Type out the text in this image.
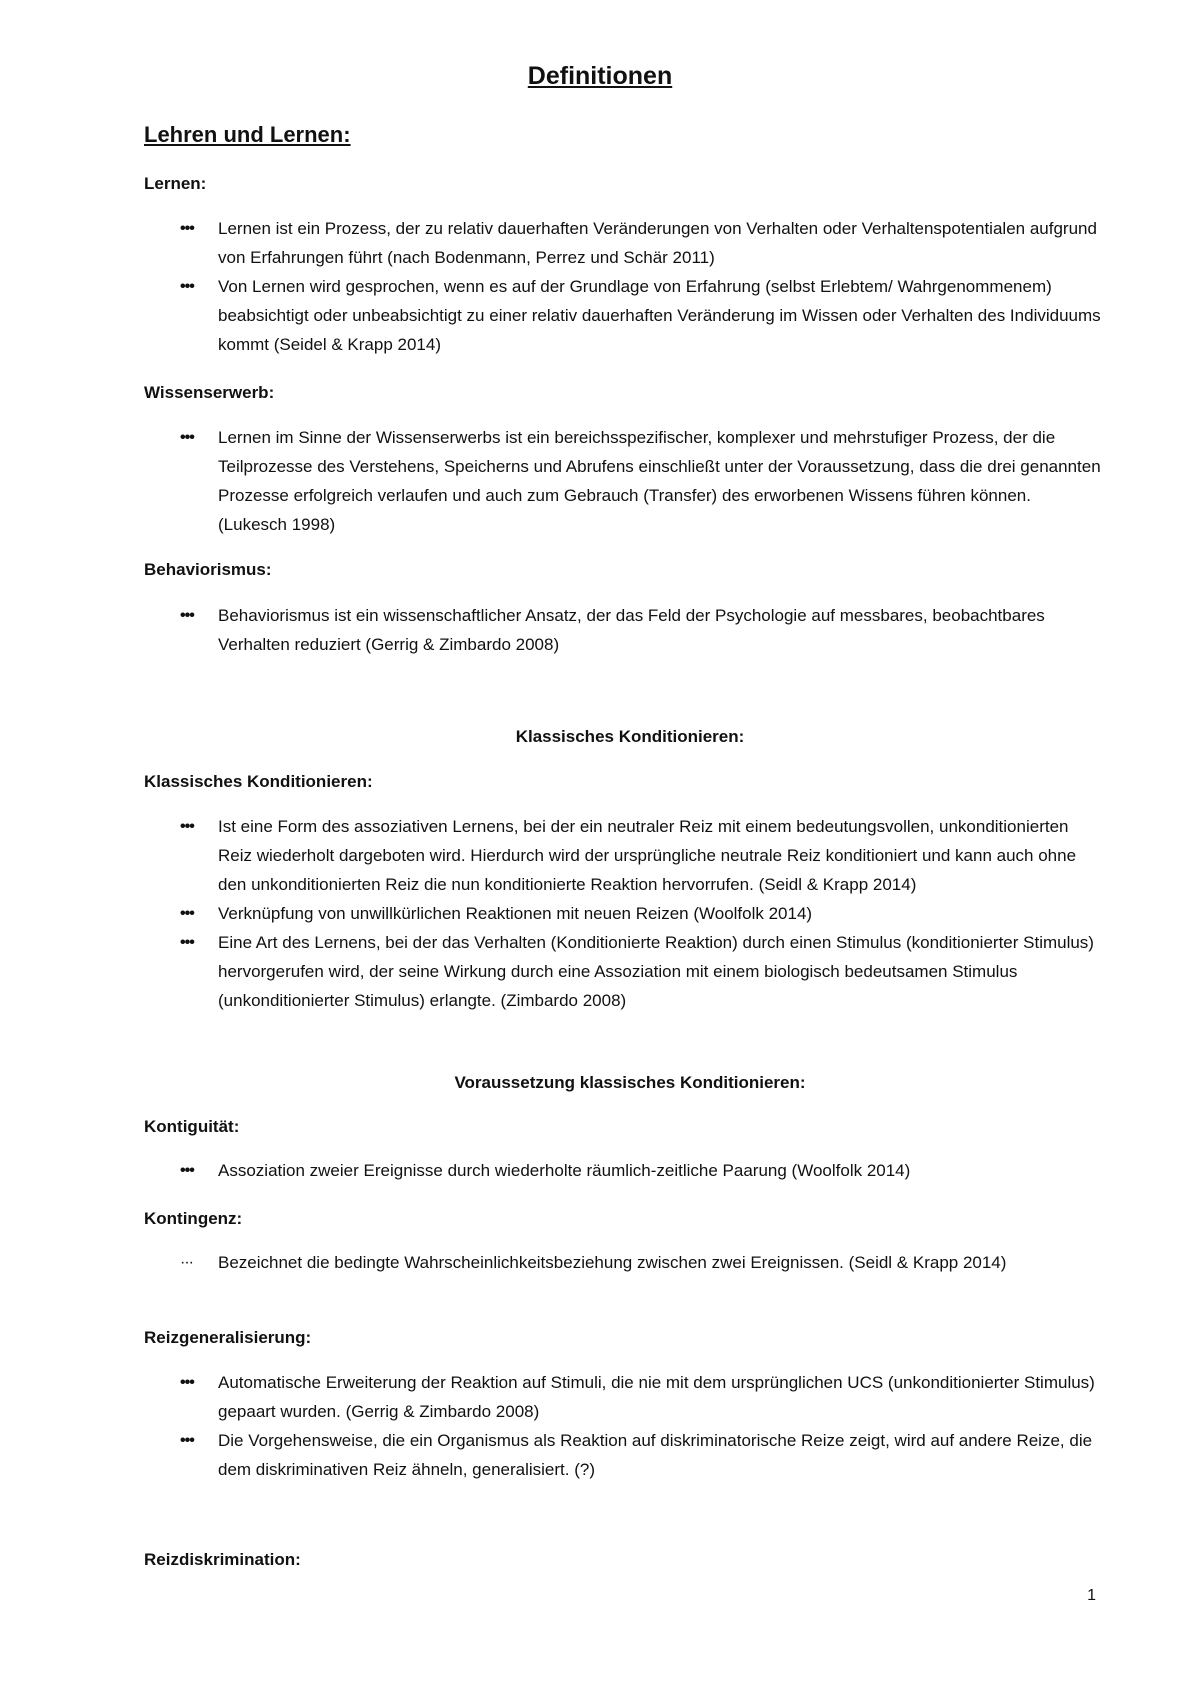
Definitionen
Lehren und Lernen:

Lernen:

••• Lernen ist ein Prozess, der zu relativ dauerhaften Veränderungen von Verhalten oder Verhaltenspotentialen aufgrund von Erfahrungen führt (nach Bodenmann, Perrez und Schär 2011)
••• Von Lernen wird gesprochen, wenn es auf der Grundlage von Erfahrung (selbst Erlebtem/ Wahrgenommenem) beabsichtigt oder unbeabsichtigt zu einer relativ dauerhaften Veränderung im Wissen oder Verhalten des Individuums kommt (Seidel & Krapp 2014)

Wissenserwerb:

••• Lernen im Sinne der Wissenserwerbs ist ein bereichsspezifischer, komplexer und mehrstufiger Prozess, der die Teilprozesse des Verstehens, Speicherns und Abrufens einschließt unter der Voraussetzung, dass die drei genannten Prozesse erfolgreich verlaufen und auch zum Gebrauch (Transfer) des erworbenen Wissens führen können. (Lukesch 1998)

Behaviorismus:

••• Behaviorismus ist ein wissenschaftlicher Ansatz, der das Feld der Psychologie auf messbares, beobachtbares Verhalten reduziert (Gerrig & Zimbardo 2008)

Klassisches Konditionieren:

Klassisches Konditionieren:

••• Ist eine Form des assoziativen Lernens, bei der ein neutraler Reiz mit einem bedeutungsvollen, unkonditionierten Reiz wiederholt dargeboten wird. Hierdurch wird der ursprüngliche neutrale Reiz konditioniert und kann auch ohne den unkonditionierten Reiz die nun konditionierte Reaktion hervorrufen. (Seidl & Krapp 2014)
••• Verknüpfung von unwillkürlichen Reaktionen mit neuen Reizen (Woolfolk 2014)
••• Eine Art des Lernens, bei der das Verhalten (Konditionierte Reaktion) durch einen Stimulus (konditionierter Stimulus) hervorgerufen wird, der seine Wirkung durch eine Assoziation mit einem biologisch bedeutsamen Stimulus (unkonditionierter Stimulus) erlangte. (Zimbardo 2008)

Voraussetzung klassisches Konditionieren:

Kontiguität:

••• Assoziation zweier Ereignisse durch wiederholte räumlich-zeitliche Paarung (Woolfolk 2014)

Kontingenz:

··· Bezeichnet die bedingte Wahrscheinlichkeitsbeziehung zwischen zwei Ereignissen. (Seidl & Krapp 2014)

Reizgeneralisierung:

••• Automatische Erweiterung der Reaktion auf Stimuli, die nie mit dem ursprünglichen UCS (unkonditionierter Stimulus) gepaart wurden. (Gerrig & Zimbardo 2008)
••• Die Vorgehensweise, die ein Organismus als Reaktion auf diskriminatorische Reize zeigt, wird auf andere Reize, die dem diskriminativen Reiz ähneln, generalisiert. (?)

Reizdiskrimination:

1
